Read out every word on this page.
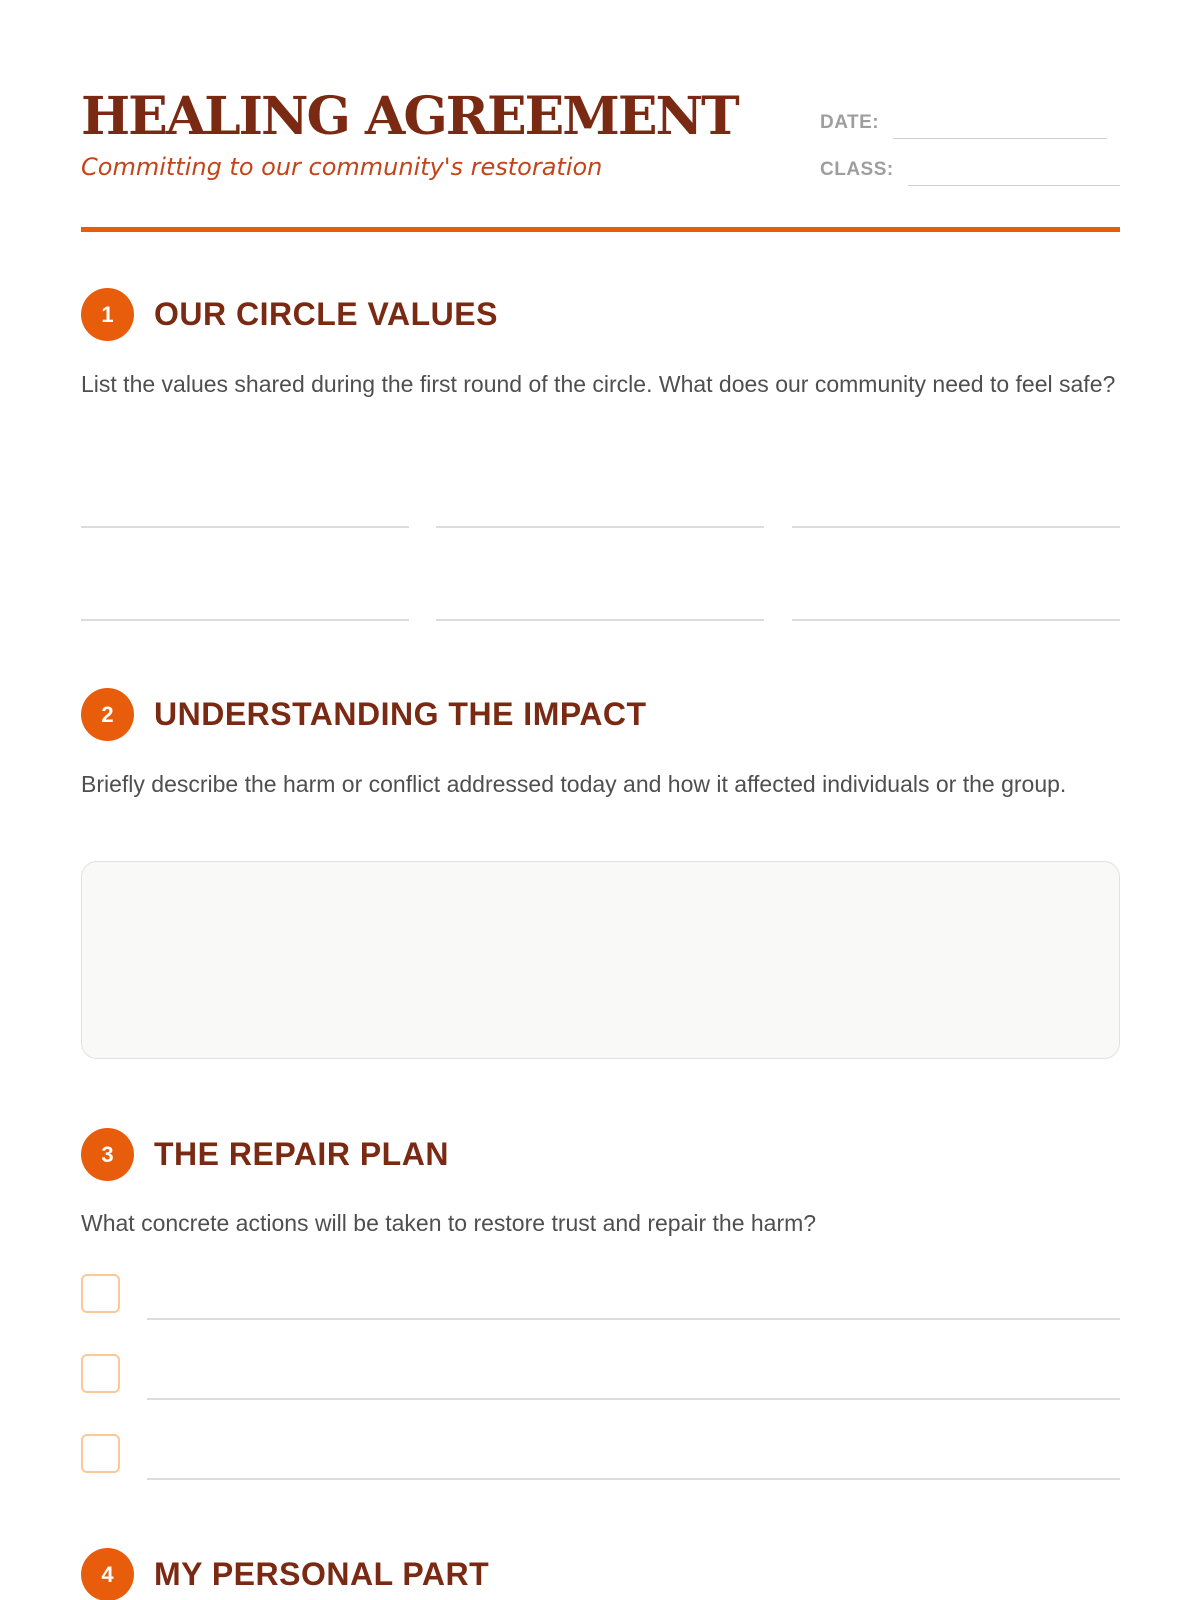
HEALING AGREEMENT
Committing to our community's restoration
DATE:
CLASS:
1	OUR CIRCLE VALUES
List the values shared during the first round of the circle. What does our community need to feel safe?
2	UNDERSTANDING THE IMPACT
Briefly describe the harm or conflict addressed today and how it affected individuals or the group.
3	THE REPAIR PLAN
What concrete actions will be taken to restore trust and repair the harm?
4	MY PERSONAL PART
